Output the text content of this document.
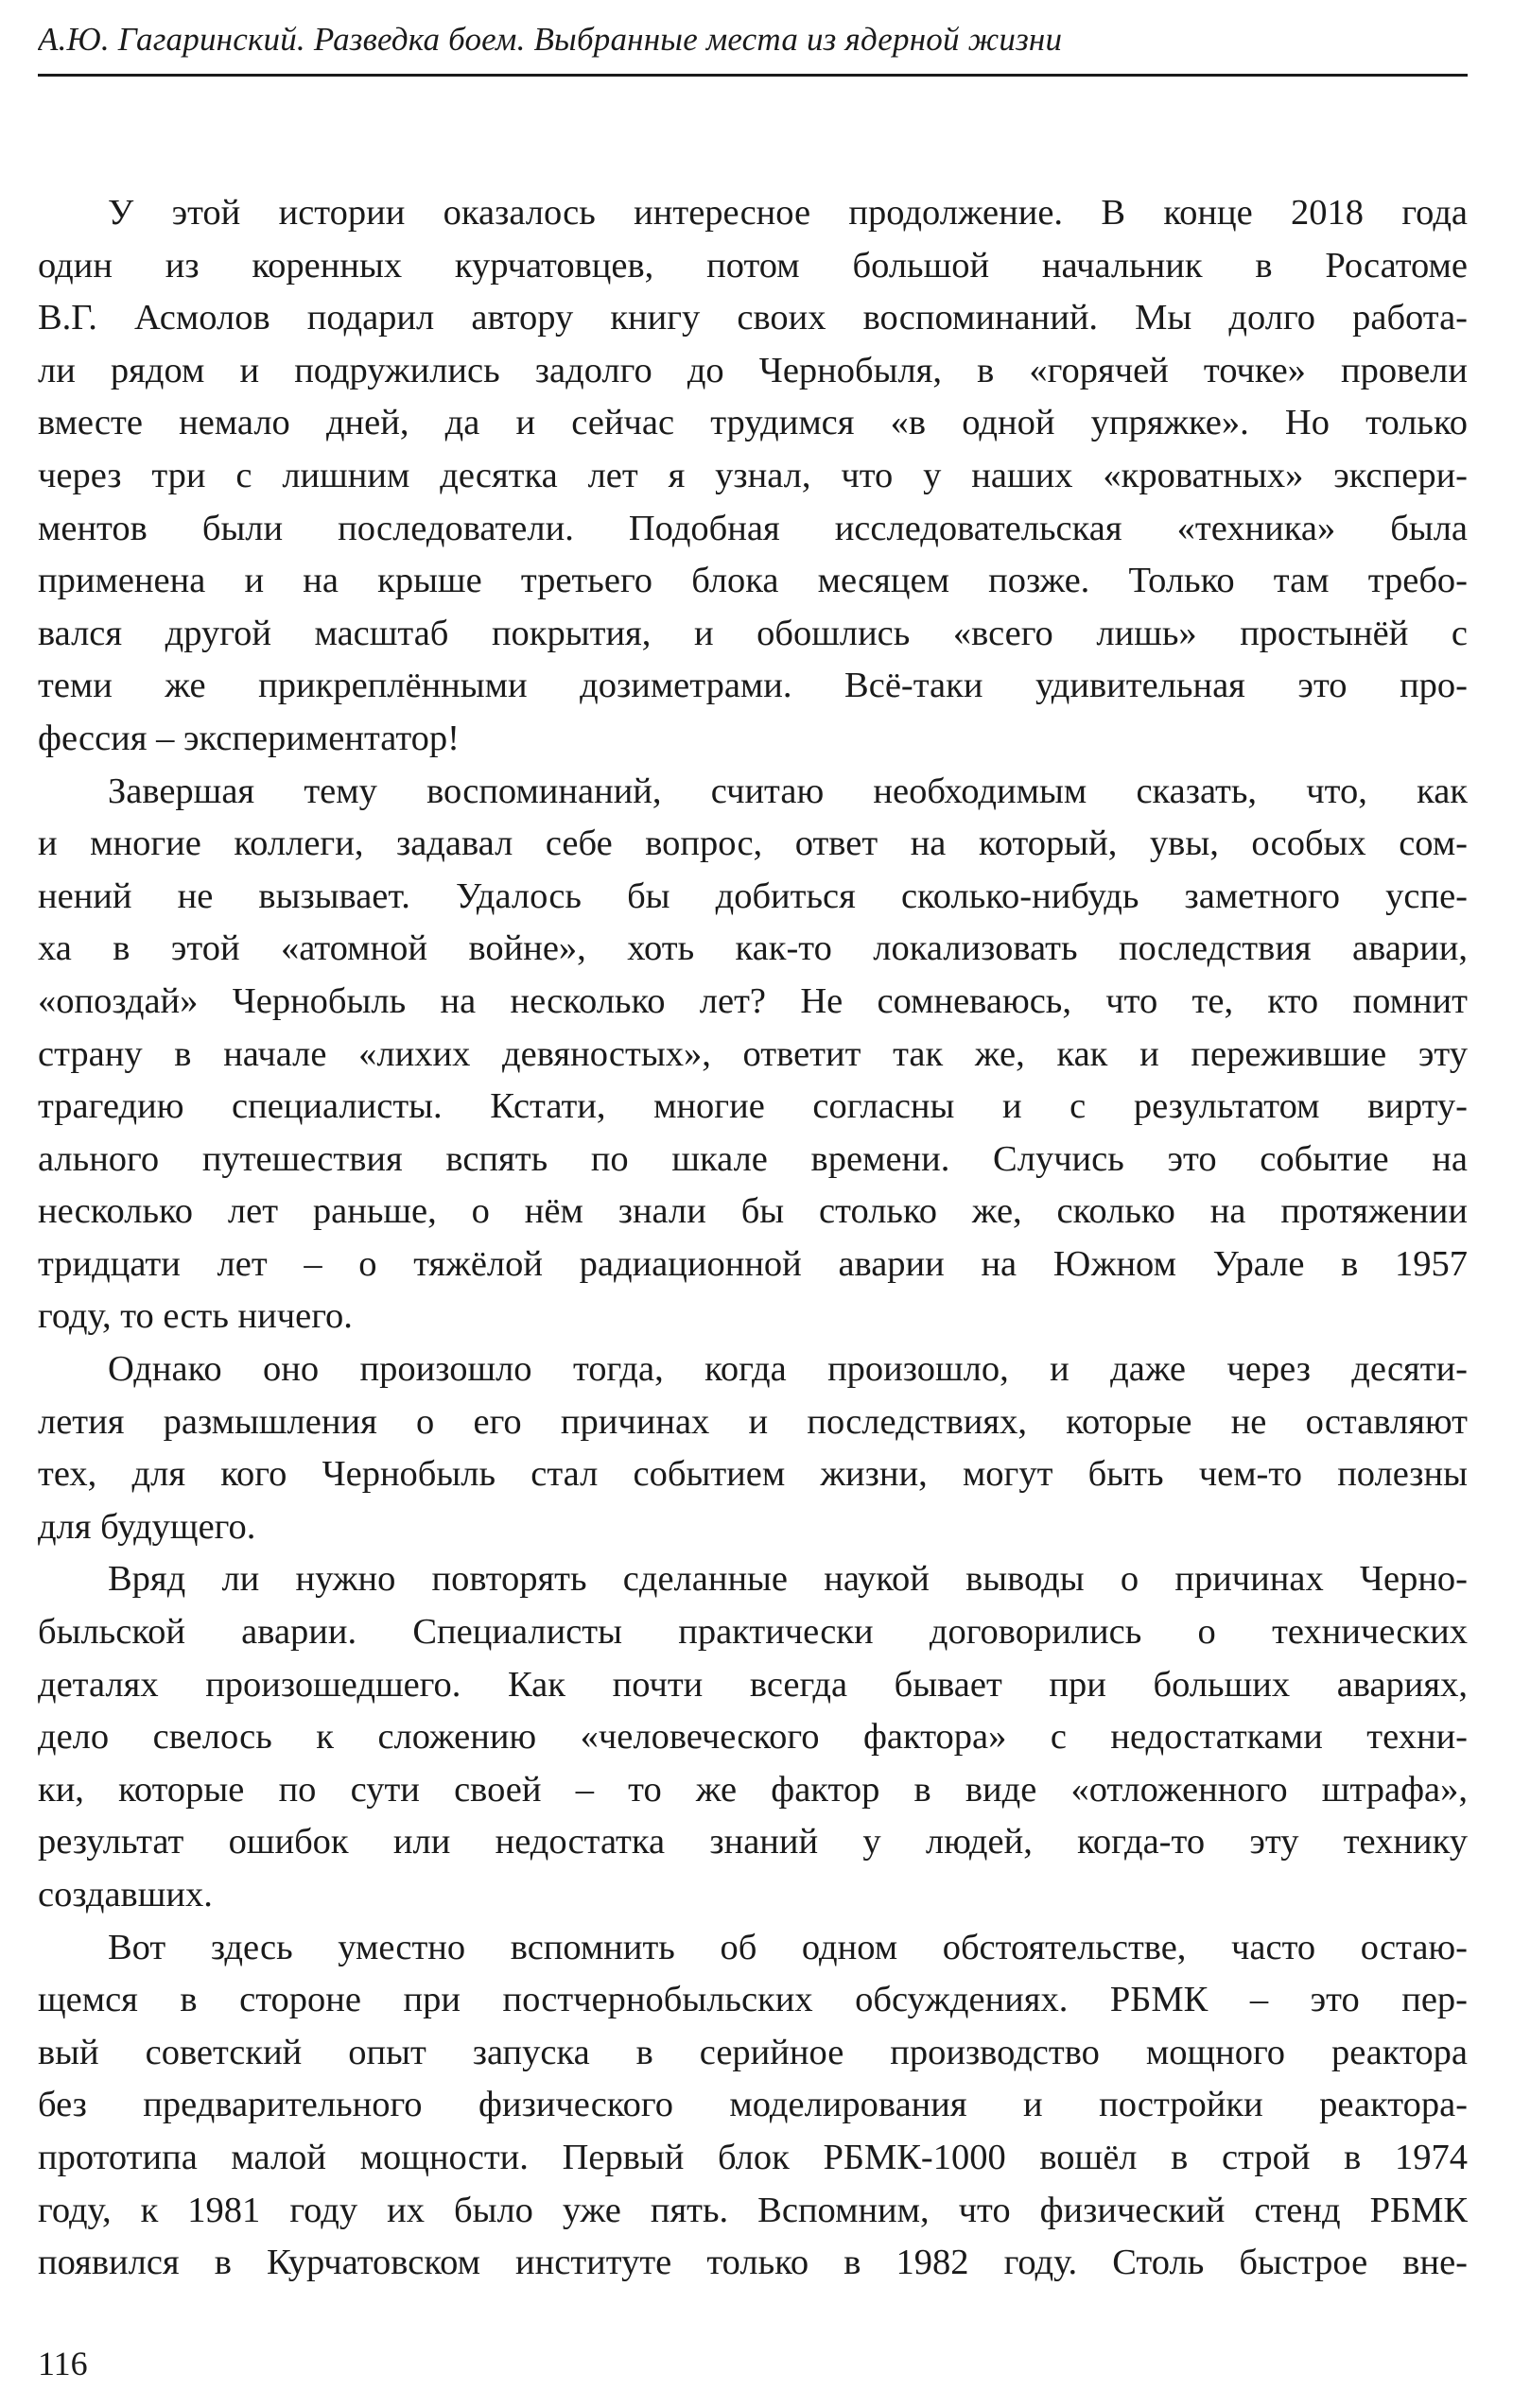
А.Ю. Гагаринский. Разведка боем. Выбранные места из ядерной жизни
У этой истории оказалось интересное продолжение. В конце 2018 года
один из коренных курчатовцев, потом большой начальник в Росатоме
В.Г. Асмолов подарил автору книгу своих воспоминаний. Мы долго работа-
ли рядом и подружились задолго до Чернобыля, в «горячей точке» провели
вместе немало дней, да и сейчас трудимся «в одной упряжке». Но только
через три с лишним десятка лет я узнал, что у наших «кроватных» экспери-
ментов были последователи. Подобная исследовательская «техника» была
применена и на крыше третьего блока месяцем позже. Только там требо-
вался другой масштаб покрытия, и обошлись «всего лишь» простынёй с
теми же прикреплёнными дозиметрами. Всё-таки удивительная это про-
фессия – экспериментатор!
Завершая тему воспоминаний, считаю необходимым сказать, что, как
и многие коллеги, задавал себе вопрос, ответ на который, увы, особых сом-
нений не вызывает. Удалось бы добиться сколько-нибудь заметного успе-
ха в этой «атомной войне», хоть как-то локализовать последствия аварии,
«опоздай» Чернобыль на несколько лет? Не сомневаюсь, что те, кто помнит
страну в начале «лихих девяностых», ответит так же, как и пережившие эту
трагедию специалисты. Кстати, многие согласны и с результатом вирту-
ального путешествия вспять по шкале времени. Случись это событие на
несколько лет раньше, о нём знали бы столько же, сколько на протяжении
тридцати лет – о тяжёлой радиационной аварии на Южном Урале в 1957
году, то есть ничего.
Однако оно произошло тогда, когда произошло, и даже через десяти-
летия размышления о его причинах и последствиях, которые не оставляют
тех, для кого Чернобыль стал событием жизни, могут быть чем-то полезны
для будущего.
Вряд ли нужно повторять сделанные наукой выводы о причинах Черно-
быльской аварии. Специалисты практически договорились о технических
деталях произошедшего. Как почти всегда бывает при больших авариях,
дело свелось к сложению «человеческого фактора» с недостатками техни-
ки, которые по сути своей – то же фактор в виде «отложенного штрафа»,
результат ошибок или недостатка знаний у людей, когда-то эту технику
создавших.
Вот здесь уместно вспомнить об одном обстоятельстве, часто остаю-
щемся в стороне при постчернобыльских обсуждениях. РБМК – это пер-
вый советский опыт запуска в серийное производство мощного реактора
без предварительного физического моделирования и постройки реактора-
прототипа малой мощности. Первый блок РБМК-1000 вошёл в строй в 1974
году, к 1981 году их было уже пять. Вспомним, что физический стенд РБМК
появился в Курчатовском институте только в 1982 году. Столь быстрое вне-
116
